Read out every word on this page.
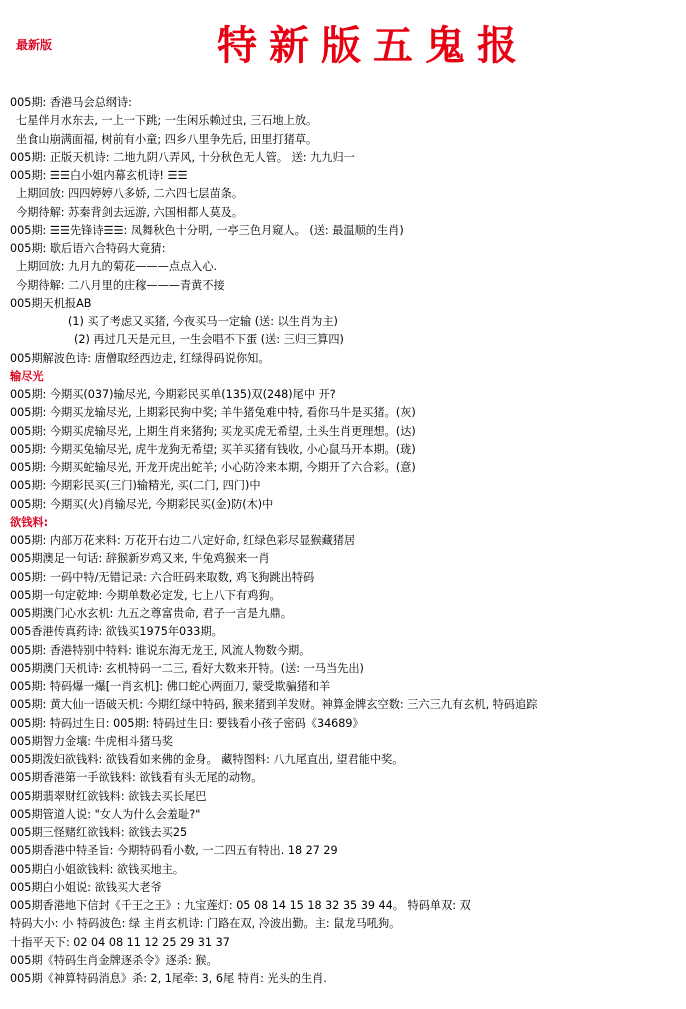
最新版	特新版五鬼报
005期: 香港马会总纲诗:
七星伴月水东去, 一上一下跳; 一生闲乐赖过虫, 三石地上放。
坐食山崩满面福, 树前有小童; 四乡八里争先后, 田里打猪草。
005期: 正版天机诗: 二地九阴八弄风, 十分秋色无人管。 送: 九九归一
005期: ☰☰白小姐内幕玄机诗! ☰☰
上期回放: 四四婷婷八多娇, 二六四七层苗条。
今期待解: 苏秦背剑去远游, 六国相都人莫及。
005期: ☰☰先锋诗☰☰: 凤舞秋色十分明, 一亭三色月窥人。 (送: 最温顺的生肖)
005期: 歇后语六合特码大竟猜:
上期回放: 九月九的菊花———点点入心.
今期待解: 二八月里的庄稼———青黄不接
005期天机报AB
(1) 买了考虑又买猪, 今夜买马一定输 (送: 以生肖为主)
(2) 再过几天是元旦, 一生会唱不下蛋 (送: 三归三算四)
005期解波色诗: 唐僧取经西边走, 红绿得码说你知。
输尽光
005期: 今期买(037)输尽光, 今期彩民买单(135)双(248)尾中 开?
005期: 今期买龙输尽光, 上期彩民狗中奖; 羊牛猪兔难中特, 看你马牛是买猪。(灰)
005期: 今期买虎输尽光, 上期生肖来猪狗; 买龙买虎无希望, 土头生肖更理想。(达)
005期: 今期买兔输尽光, 虎牛龙狗无希望; 买羊买猪有钱收, 小心鼠马开本期。(珑)
005期: 今期买蛇输尽光, 开龙开虎出蛇羊; 小心防冷来本期, 今期开了六合彩。(意)
005期: 今期彩民买(三门)输精光, 买(二门, 四门)中
005期: 今期买(火)肖输尽光, 今期彩民买(金)防(木)中
欲钱料:
005期: 内部万花来料: 万花开右边二八定好命, 红绿色彩尽显猴藏猪居
005期澳足一句话: 辞猴新岁鸡又来, 牛兔鸡猴来一肖
005期: 一码中特/无错记录: 六合旺码来取数, 鸡飞狗跳出特码
005期一句定乾坤: 今期单数必定发, 七上八下有鸡狗。
005期澳门心水玄机: 九五之尊富贵命, 君子一言是九鼎。
005香港传真药诗: 欲钱买1975年033期。
005期: 香港特别中特料: 谁说东海无龙王, 风流人物数今期。
005期澳门天机诗: 玄机特码一二三, 看好大数来开特。(送: 一马当先出)
005期: 特码爆一爆[一肖玄机]: 佛口蛇心两面刀, 蒙受欺骗猪和羊
005期: 黄大仙一语破天机: 今期红绿中特码, 猴来猪到羊发财。神算金牌玄空数: 三六三九有玄机, 特码追踪
005期: 特码过生日: 005期: 特码过生日: 要钱看小孩子密码《34689》
005期智力金壤: 牛虎相斗猪马奖
005期泼妇欲钱料: 欲钱看如来佛的金身。 藏特图料: 八九尾直出, 望君能中奖。
005期香港第一手欲钱料: 欲钱看有头无尾的动物。
005期翡翠财红欲钱料: 欲钱去买长尾巴
005期管道人说: "女人为什么会羞耻?"
005期三怪赌红欲钱料: 欲钱去买25
005期香港中特圣旨: 今期特码看小数, 一二四五有特出. 18 27 29
005期白小姐欲钱料: 欲钱买地主。
005期白小姐说: 欲钱买大老爷
005期香港地下信封《千王之王》: 九宝莲灯: 05 08 14 15 18 32 35 39 44。 特码单双: 双
特码大小: 小 特码波色: 绿 主肖玄机诗: 门路在双, 冷波出勤。主: 鼠龙马吼狗。
十指平天下: 02 04 08 11 12 25 29 31 37
005期《特码生肖金牌逐杀令》逐杀: 猴。
005期《神算特码消息》杀: 2, 1尾牵: 3, 6尾 特肖: 光头的生肖.
